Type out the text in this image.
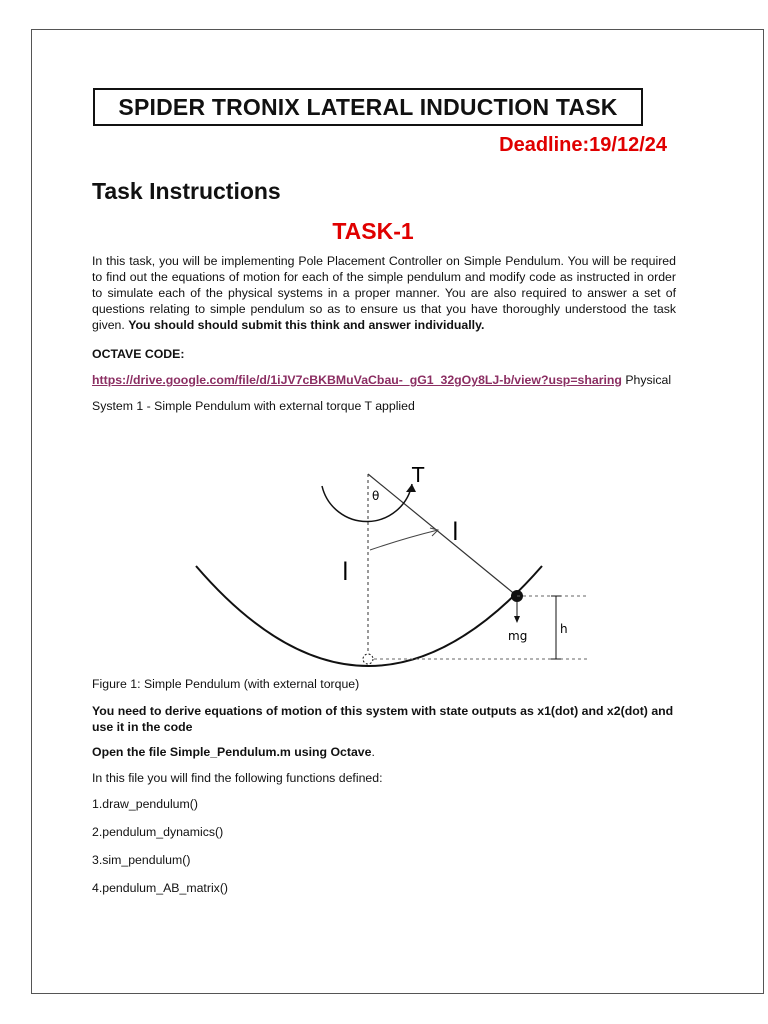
SPIDER TRONIX LATERAL INDUCTION TASK
Deadline:19/12/24
Task Instructions
TASK-1
In this task, you will be implementing Pole Placement Controller on Simple Pendulum. You will be required to find out the equations of motion for each of the simple pendulum and modify code as instructed in order to simulate each of the physical systems in a proper manner. You are also required to answer a set of questions relating to simple pendulum so as to ensure us that you have thoroughly understood the task given. You should should submit this think and answer individually.
OCTAVE CODE:
https://drive.google.com/file/d/1iJV7cBKBMuVaCbau-_gG1_32gOy8LJ-b/view?usp=sharing Physical
System 1 - Simple Pendulum with external torque T applied
T
θ
l
l
mg	h
Figure 1: Simple Pendulum (with external torque)
You need to derive equations of motion of this system with state outputs as x1(dot) and x2(dot) and use it in the code
Open the file Simple_Pendulum.m using Octave.
In this file you will find the following functions defined:
1.draw_pendulum()
2.pendulum_dynamics()
3.sim_pendulum()
4.pendulum_AB_matrix()
